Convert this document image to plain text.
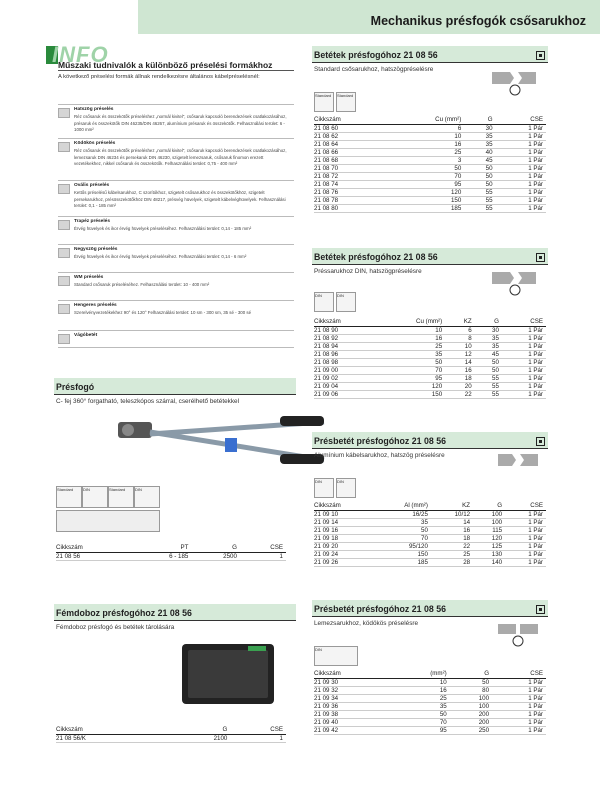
Mechanikus présfogók csősarukhoz
INFO
Műszaki tudnivalók a különböző préselési formákhoz
A következő préselési formák állnak rendelkezésre általános kábelpréselésnél:
Hatszög préselés
Réz csősaruk és összekötők préseléshez „normál kivitel”, csősaruk kapcsoló berendezések csatlakozásához, présaruk és összekötők DIN 46235/DIN 46267, alumínium présaruk és összekötők. Felhasználási terület: 6 - 1000 mm²
Ködökös préselés
Réz csősaruk és összekötők préseléshez „normál kivitel”, csősaruk kapcsoló berendezések csatlakozásához, lemezsaruk DIN 46234 és persekaruk DIN 46230, szigetelt lemezsaruk, csősaruk finomon erezett vezetékekhez, nikkel csősaruk és összekötők. Felhasználási terület: 0,75 - 400 mm²
Ovális préselés
Kettős préselésű kábelsarukhoz, C szorítókhoz, szigetelt csősarukhoz és összekötőkhöz, szigetelt persekarukhoz, présösszekötőkhöz DIN 48217, présvég hüvelyek, szigetelt kábelvéghüvelyek. Felhasználási terület: 0,1 - 185 mm²
Trapéz préselés
Érvég hüvelyek és ikor érvég hüvelyek préseléséhez. Felhasználási terület: 0,14 - 185 mm²
Negyszög préselés
Érvég hüvelyek és ikor érvég hüvelyek préseléséhez. Felhasználási terület: 0,14 - 6 mm²
WM préselés
Standard csősaruk préseléséhez. Felhasználási terület: 10 - 400 mm²
Hengeres préselés
Szerelvényvezetékekhez 90° és 120° Felhasználási terület: 10 sm - 300 sm, 35 sé - 300 sé
Vágóbetét
Présfogó
C- fej 360° forgatható, teleszkópos szárral, cserélhető betétekkel
Standard	DIN	Standard	DIN
Cikkszám	PT	G	CSE
21 08 56	6 - 185	2500	1
Fémdoboz présfogóhoz 21 08 56
Fémdoboz présfogó és betétek tárolására
Cikkszám		G	CSE
21 08 56/K		2100	1
Betétek présfogóhoz 21 08 56
Standard csősarukhoz, hatszögpréselésre
Standard	Standard
Cikkszám	Cu (mm²)	G	CSE
21 08 60	6	30	1 Pár
21 08 62	10	35	1 Pár
21 08 64	16	35	1 Pár
21 08 66	25	40	1 Pár
21 08 68	3	45	1 Pár
21 08 70	50	50	1 Pár
21 08 72	70	50	1 Pár
21 08 74	95	50	1 Pár
21 08 76	120	55	1 Pár
21 08 78	150	55	1 Pár
21 08 80	185	55	1 Pár
Betétek présfogóhoz 21 08 56
Préssarukhoz DIN, hatszögpréselésre
DIN	DIN
Cikkszám	Cu (mm²)	KZ	G	CSE
21 08 90	10	6	30	1 Pár
21 08 92	16	8	35	1 Pár
21 08 94	25	10	35	1 Pár
21 08 96	35	12	45	1 Pár
21 08 98	50	14	50	1 Pár
21 09 00	70	16	50	1 Pár
21 09 02	95	18	55	1 Pár
21 09 04	120	20	55	1 Pár
21 09 06	150	22	55	1 Pár
Présbetét présfogóhoz 21 08 56
Alumínium kábelsarukhoz, hatszög préselésre
DIN	DIN
Cikkszám	Al (mm²)	KZ	G	CSE
21 09 10	16/25	10/12	100	1 Pár
21 09 14	35	14	100	1 Pár
21 09 16	50	16	115	1 Pár
21 09 18	70	18	120	1 Pár
21 09 20	95/120	22	125	1 Pár
21 09 24	150	25	130	1 Pár
21 09 26	185	28	140	1 Pár
Présbetét présfogóhoz 21 08 56
Lemezsarukhoz, ködökös préselésre
DIN
Cikkszám	(mm²)	G	CSE
21 09 30	10	50	1 Pár
21 09 32	16	80	1 Pár
21 09 34	25	100	1 Pár
21 09 36	35	100	1 Pár
21 09 38	50	200	1 Pár
21 09 40	70	200	1 Pár
21 09 42	95	250	1 Pár
